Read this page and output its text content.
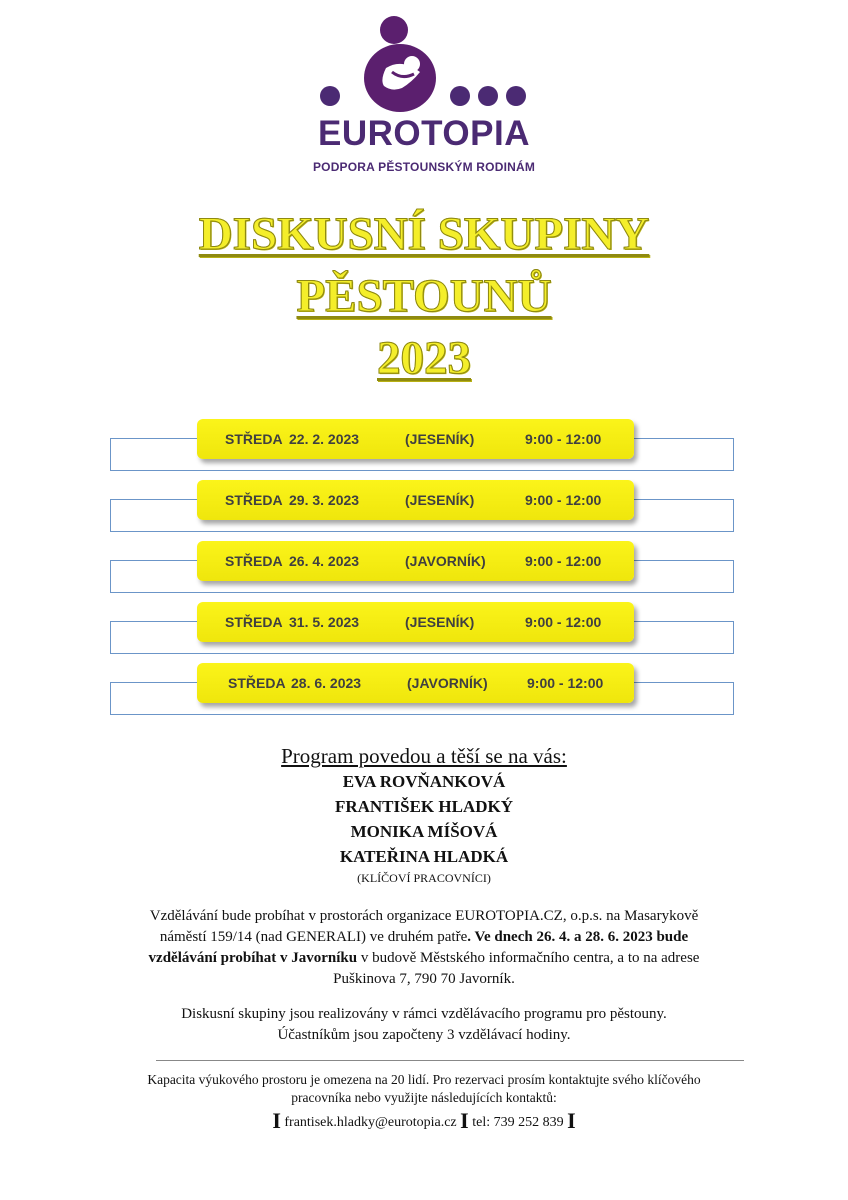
EUROTOPIA
PODPORA PĚSTOUNSKÝM RODINÁM
DISKUSNÍ SKUPINY
PĚSTOUNŮ
2023
STŘEDA 22. 2. 2023	(JESENÍK)	9:00 - 12:00
STŘEDA 29. 3. 2023	(JESENÍK)	9:00 - 12:00
STŘEDA 26. 4. 2023	(JAVORNÍK)	9:00 - 12:00
STŘEDA 31. 5. 2023	(JESENÍK)	9:00 - 12:00
STŘEDA 28. 6. 2023	(JAVORNÍK)	9:00 - 12:00
Program povedou a těší se na vás:
EVA ROVŇANKOVÁ
FRANTIŠEK HLADKÝ
MONIKA MÍŠOVÁ
KATEŘINA HLADKÁ
(KLÍČOVÍ PRACOVNÍCI)
Vzdělávání bude probíhat v prostorách organizace EUROTOPIA.CZ, o.p.s. na Masarykově náměstí 159/14 (nad GENERALI) ve druhém patře. Ve dnech 26. 4. a 28. 6. 2023 bude vzdělávání probíhat v Javorníku v budově Městského informačního centra, a to na adrese Puškinova 7, 790 70 Javorník.
Diskusní skupiny jsou realizovány v rámci vzdělávacího programu pro pěstouny.
Účastníkům jsou započteny 3 vzdělávací hodiny.
Kapacita výukového prostoru je omezena na 20 lidí. Pro rezervaci prosím kontaktujte svého klíčového pracovníka nebo využijte následujících kontaktů:
I frantisek.hladky@eurotopia.cz I tel: 739 252 839 I
